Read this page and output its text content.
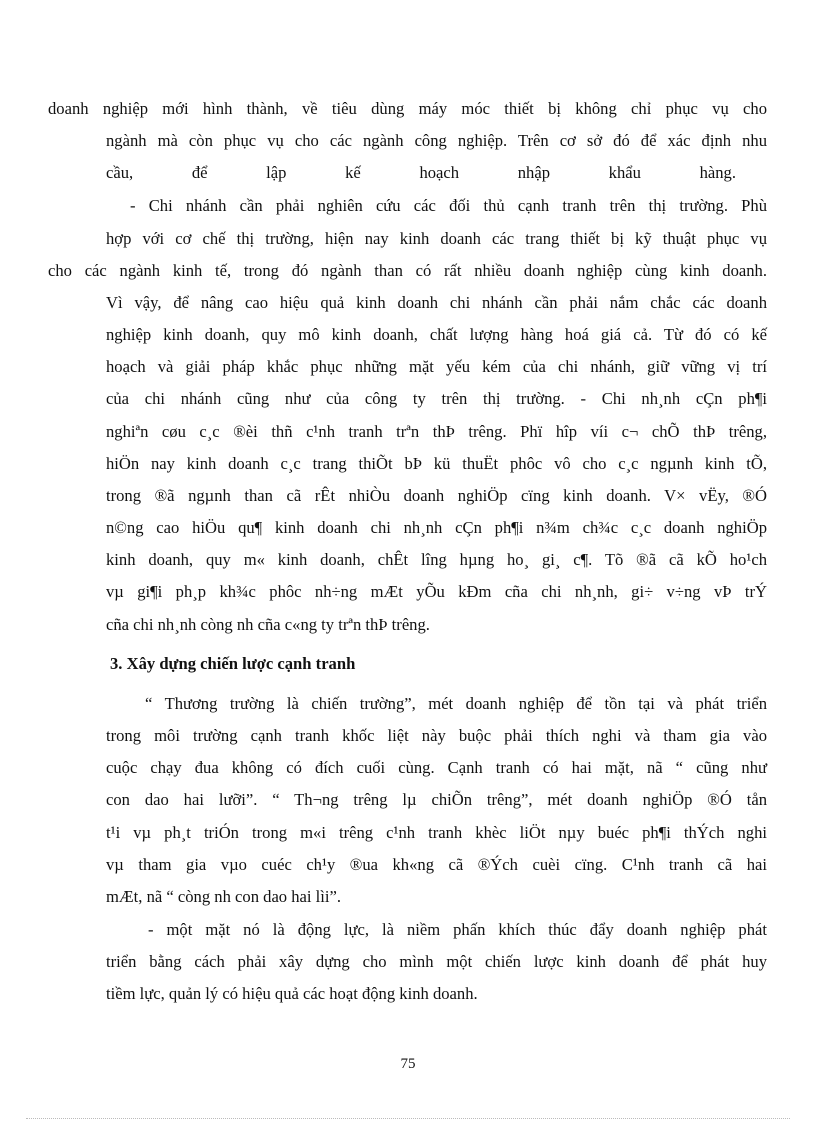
doanh nghiệp mới hình thành, về tiêu dùng máy móc thiết bị không chỉ phục vụ cho
ngành mà còn phục vụ cho các ngành công nghiệp. Trên cơ sở đó để xác định nhu
cầu, để lập kế hoạch nhập khẩu hàng.
- Chi nhánh cần phải nghiên cứu các đối thủ cạnh tranh trên thị trường. Phù
hợp với cơ chế thị trường, hiện nay kinh doanh các trang thiết bị kỹ thuật phục vụ
cho các ngành kinh tế, trong đó ngành than có rất nhiều doanh nghiệp cùng kinh doanh.
Vì vậy, để nâng cao hiệu quả kinh doanh chi nhánh cần phải nắm chắc các doanh
nghiệp kinh doanh, quy mô kinh doanh, chất lượng hàng hoá giá cả. Từ đó có kế
hoạch và giải pháp khắc phục những mặt yếu kém của chi nhánh, giữ vững vị trí
của chi nhánh cũng như của công ty trên thị trường. - Chi nh¸nh cÇn ph¶i
nghiªn cøu c¸c ®èi thñ c¹nh tranh trªn thÞ trêng. Phï hîp víi c¬ chÕ thÞ trêng,
hiÖn nay kinh doanh c¸c trang thiÕt bÞ kü thuËt phôc vô cho c¸c ngµnh kinh tÕ,
trong ®ã ngµnh than cã rÊt nhiÒu doanh nghiÖp cïng kinh doanh. V× vËy, ®Ó
n©ng cao hiÖu qu¶ kinh doanh chi nh¸nh cÇn ph¶i n¾m ch¾c c¸c doanh nghiÖp
kinh doanh, quy m« kinh doanh, chÊt lîng hµng ho¸ gi¸ c¶. Tõ ®ã cã kÕ ho¹ch
vµ gi¶i ph¸p kh¾c phôc nh÷ng mÆt yÕu kÐm cña chi nh¸nh, gi÷ v÷ng vÞ trÝ
cña chi nh¸nh còng nh cña c«ng ty trªn thÞ trêng.
3. Xây dựng chiến lược cạnh tranh
“ Thương trường là chiến trường”, mét doanh nghiệp để tồn tại và phát triển
trong môi trường cạnh tranh khốc liệt này buộc phải thích nghi và tham gia vào
cuộc chạy đua không có đích cuối cùng. Cạnh tranh có hai mặt, nã “ cũng như
con dao hai lưỡi”. “ Th¬ng trêng lµ chiÕn trêng”, mét doanh nghiÖp ®Ó tån
t¹i vµ ph¸t triÓn trong m«i trêng c¹nh tranh khèc liÖt nµy buéc ph¶i thÝch nghi
vµ tham gia vµo cuéc ch¹y ®ua kh«ng cã ®Ých cuèi cïng. C¹nh tranh cã hai
mÆt, nã “ còng nh con dao hai lìi”.
- một mặt nó là động lực, là niềm phấn khích thúc đẩy doanh nghiệp phát
triển bằng cách phải xây dựng cho mình một chiến lược kinh doanh để phát huy
tiềm lực, quản lý có hiệu quả các hoạt động kinh doanh.
75
